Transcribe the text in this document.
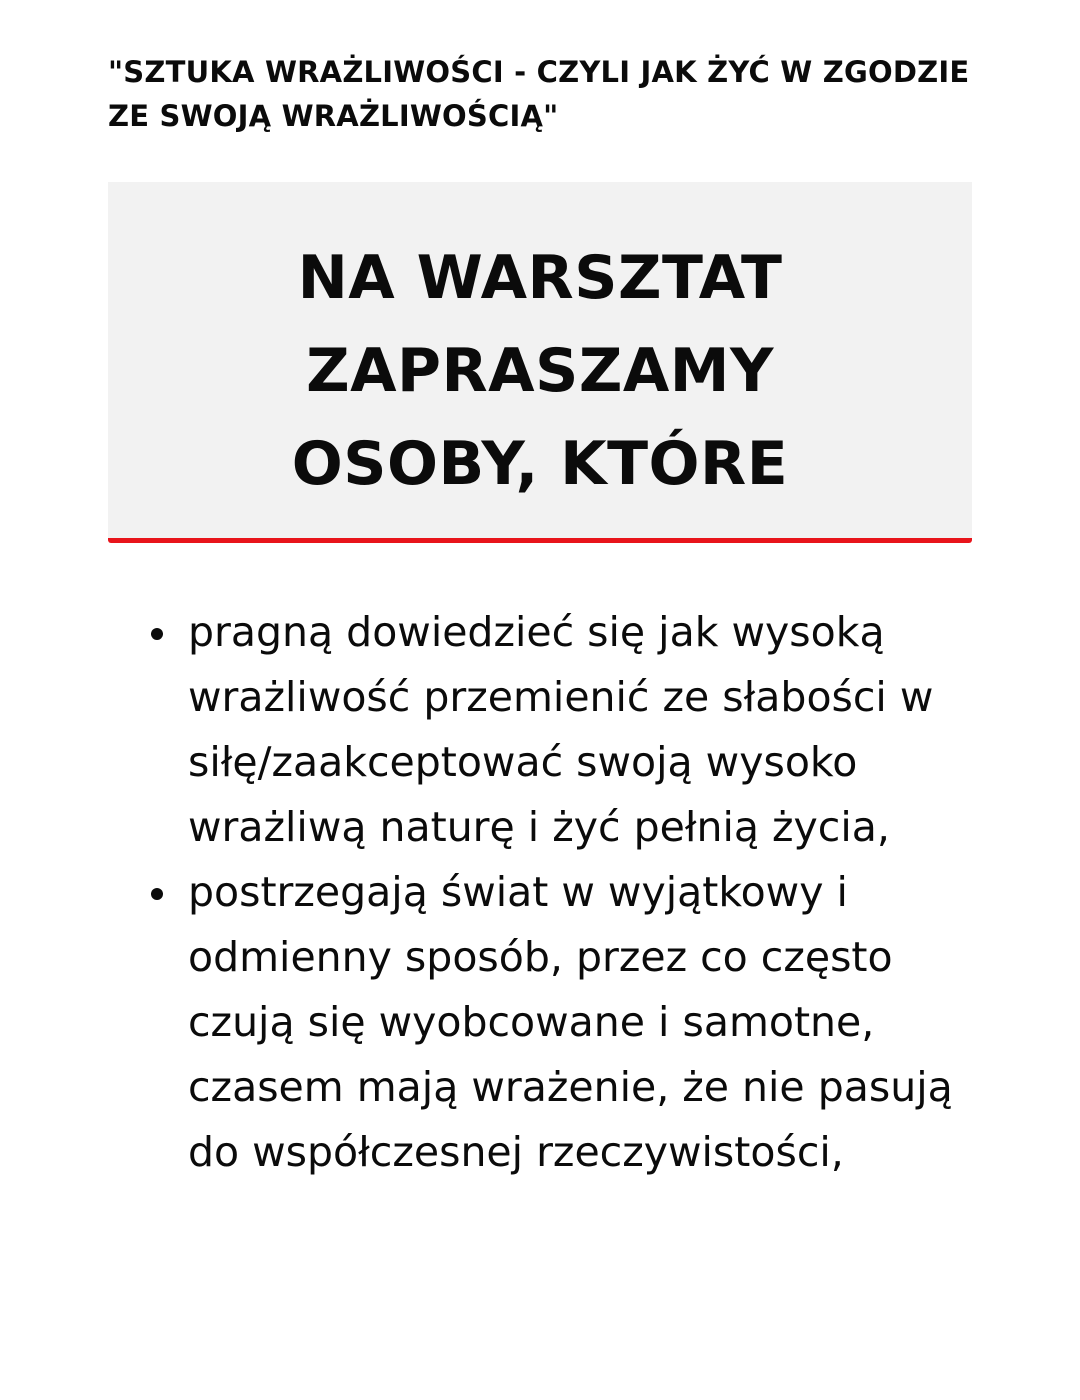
"SZTUKA WRAŻLIWOŚCI - CZYLI JAK ŻYĆ W ZGODZIE
ZE SWOJĄ WRAŻLIWOŚCIĄ"
NA WARSZTAT
ZAPRASZAMY
OSOBY, KTÓRE
pragną dowiedzieć się jak wysoką
wrażliwość przemienić ze słabości w
siłę/zaakceptować swoją wysoko
wrażliwą naturę i żyć pełnią życia,
postrzegają świat w wyjątkowy i
odmienny sposób, przez co często
czują się wyobcowane i samotne,
czasem mają wrażenie, że nie pasują
do współczesnej rzeczywistości,
